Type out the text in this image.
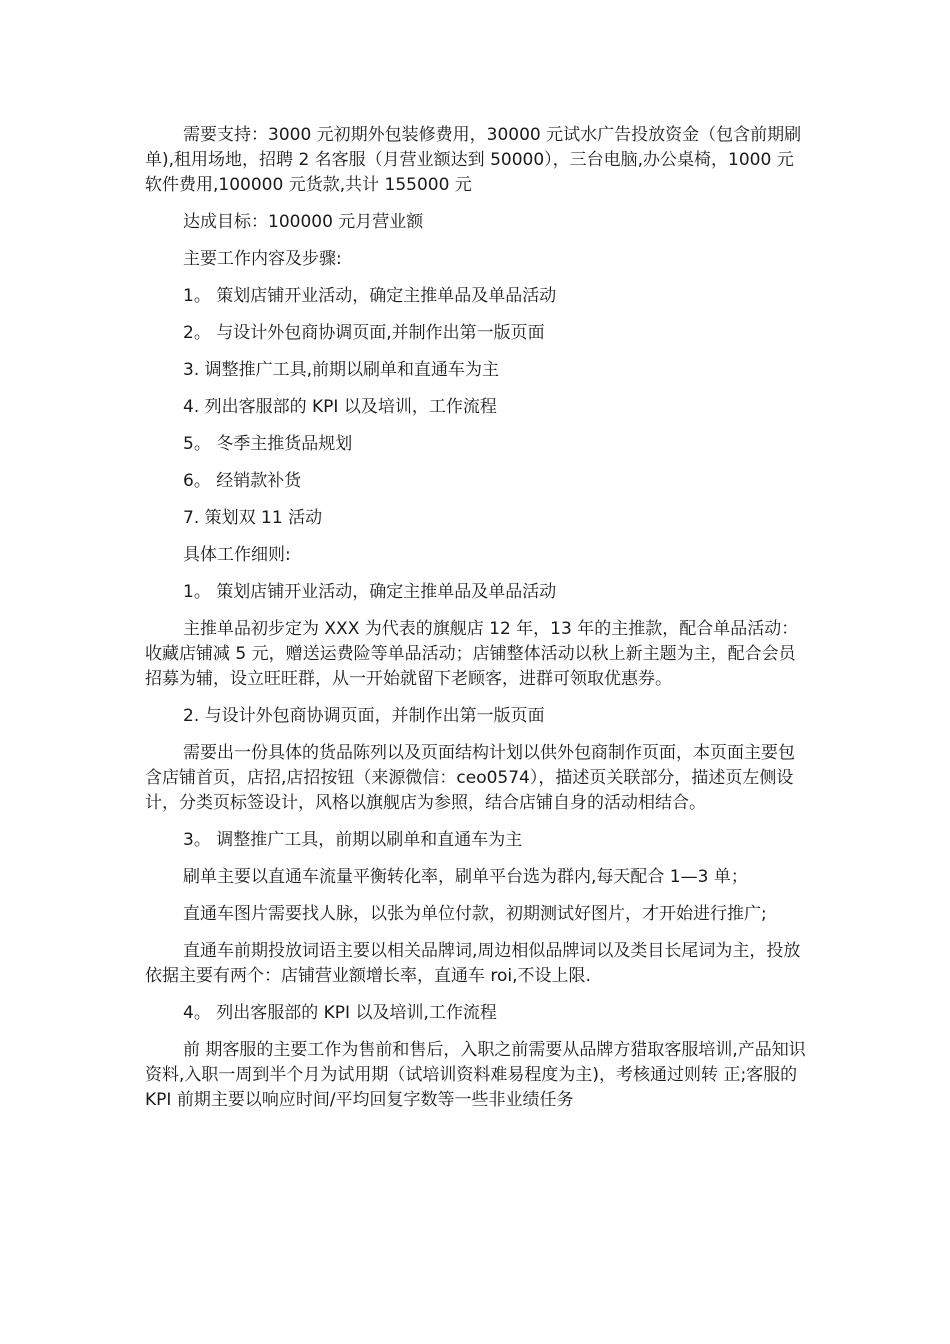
需要支持：3000 元初期外包装修费用，30000 元试水广告投放资金（包含前期刷单),租用场地，招聘 2 名客服（月营业额达到 50000），三台电脑,办公桌椅，1000 元软件费用,100000 元货款,共计 155000 元

达成目标：100000 元月营业额

主要工作内容及步骤:

1。 策划店铺开业活动，确定主推单品及单品活动

2。 与设计外包商协调页面,并制作出第一版页面

3. 调整推广工具,前期以刷单和直通车为主

4. 列出客服部的 KPI 以及培训，工作流程

5。 冬季主推货品规划

6。 经销款补货

7. 策划双 11 活动

具体工作细则:

1。 策划店铺开业活动，确定主推单品及单品活动

主推单品初步定为 XXX 为代表的旗舰店 12 年，13 年的主推款，配合单品活动：收藏店铺减 5 元，赠送运费险等单品活动；店铺整体活动以秋上新主题为主，配合会员招募为辅，设立旺旺群，从一开始就留下老顾客，进群可领取优惠券。

2. 与设计外包商协调页面，并制作出第一版页面

需要出一份具体的货品陈列以及页面结构计划以供外包商制作页面，本页面主要包含店铺首页，店招,店招按钮（来源微信：ceo0574），描述页关联部分，描述页左侧设计，分类页标签设计，风格以旗舰店为参照，结合店铺自身的活动相结合。

3。 调整推广工具，前期以刷单和直通车为主

刷单主要以直通车流量平衡转化率，刷单平台选为群内,每天配合 1—3 单；

直通车图片需要找人脉，以张为单位付款，初期测试好图片，才开始进行推广;

直通车前期投放词语主要以相关品牌词,周边相似品牌词以及类目长尾词为主，投放依据主要有两个：店铺营业额增长率，直通车 roi,不设上限.

4。 列出客服部的 KPI 以及培训,工作流程

前 期客服的主要工作为售前和售后，入职之前需要从品牌方猎取客服培训,产品知识资料,入职一周到半个月为试用期（试培训资料难易程度为主)，考核通过则转 正;客服的 KPI 前期主要以响应时间/平均回复字数等一些非业绩任务
